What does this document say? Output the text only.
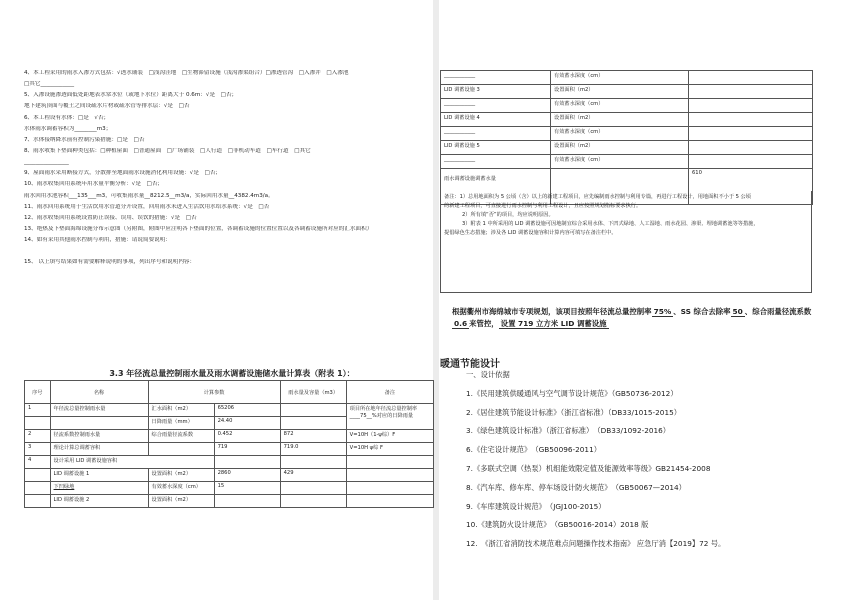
4、本工程采用的雨水入渗方式包括：√透水铺装　□浅沟洼地　□生物滞留设施（浅沟渗渠组合）□渗透管沟　□入渗井　□入渗池

□其它____________

5、入渗设施渗透面低处距地表水常水位（或地下水位）距离大于 0.6m：√是　□否；

地下建筑顶面与覆土之间设疏水片材或疏水管等排水层：√是　□否

6、本工程设有水体：□是　√否；

水体雨水调蓄容积为________m3；

7、水体接纳降水前有控制污染措施：□是　□否

8、雨水收集下垫面种类包括：□种植屋面　□普通屋面　□广场铺装　□人行道　□非机动车道　□车行道　□其它

________________

9、屋面雨水采用断接方式，分散排至地面雨水设施消化利用设施：√是　□否；

10、雨水收集回用系统年用水量平衡分析：√是　□否；

雨水回用水池容积___135___m3，可收集雨水量__8212.5__m3/a，实际回用水量__4382.4m3/a。

11、雨水回用系统用于生活饮用水管道分开设置，回用雨水未进入生活饮用水给水系统：√是　□否

12、雨水收集回用系统设置防止误接、误用、误饮的措施：√是　□否

13、绝热及下垫面海绵设施分布示意图（另附图，附图中应注明各下垫面的位置，各调蓄设施的位置位置以及各调蓄设施所对应的汇水面积）

14、如有采用其他雨水控制与利用，措施：请说简要说明：

15、 以上填写结果如有需要解释说明的事项，列出序号和说明内容：

3.3 年径流总量控制雨水量及雨水调蓄设施储水量计算表（附表 1）：
序号	名称	计算参数		雨水量及容量（m3）	备注
1	年径流总量控制雨水量	汇水面积（m2）	65206		项目所在地年径流总量控制率____75__%对应的日降雨量
		日降雨量（mm）	24.40		
2	径流系数控制雨水量	综合雨量径流系数	0.452	872	V=10H（1-ψ综）F
3	理论计算总调蓄容积		719	719.0	V=10H ψ综 F
4	设计采用 LID 调蓄设施容积				
	LID 调蓄设施 1	设置面积（m2）	2860	429	
	下凹绿地	有效蓄水深度（cm）	15		
	LID 调蓄设施 2	设置面积（m2）			
____________	有效蓄水深度（cm）	
LID 调蓄设施 3	设置面积（m2）	
____________	有效蓄水深度（cm）	
LID 调蓄设施 4	设置面积（m2）	
____________	有效蓄水深度（cm）	
LID 调蓄设施 5	设置面积（m2）	
____________	有效蓄水深度（cm）	
雨水调蓄设施调蓄水量		610

备注：1）总用地面积为 5 公顷（含）以上的新建工程项目，应先编制雨水控制与利用专篇，再进行工程设计，用地面积不小于 5 公顷

的新建工程项目，可直接进行雨水控制与利用工程设计，且应按照规划指标要求执行。

2）所有填“否”的项目，均应说明原因。

3）附表 1 中所采用的 LID 调蓄设施可因地制宜综合采用水体、下凹式绿地、人工湿地、雨水花园、渗渠、埋地调蓄池等等措施，

提倡绿色生态措施；涉及各 LID 调蓄设施容积计算内容可填写在备注栏中。

根据衢州市海绵城市专项规划，该项目按照年径流总量控制率 75% 、SS 综合去除率 50 、综合雨量径流系数0.6 来管控， 设置 719 立方米 LID 调蓄设施
暖通节能设计

一、设计依据

1.《民用建筑供暖通风与空气调节设计规范》（GB50736-2012）

2.《居住建筑节能设计标准》（浙江省标准）（DB33/1015-2015）

3.《绿色建筑设计标准》（浙江省标准）　（DB33/1092-2016）

6.《住宅设计规范》　（GB50096-2011）

7.《多联式空调（热泵）机组能效限定值及能源效率等级》GB21454-2008

8.《汽车库、修车库、停车场设计防火规范》　（GB50067—2014）

9.《车库建筑设计规范》　（JGJ100-2015）

10.《建筑防火设计规范》　（GB50016-2014）2018 版

12.　《浙江省消防技术规范难点问题操作技术指南》 应急厅消【2019】72 号。
